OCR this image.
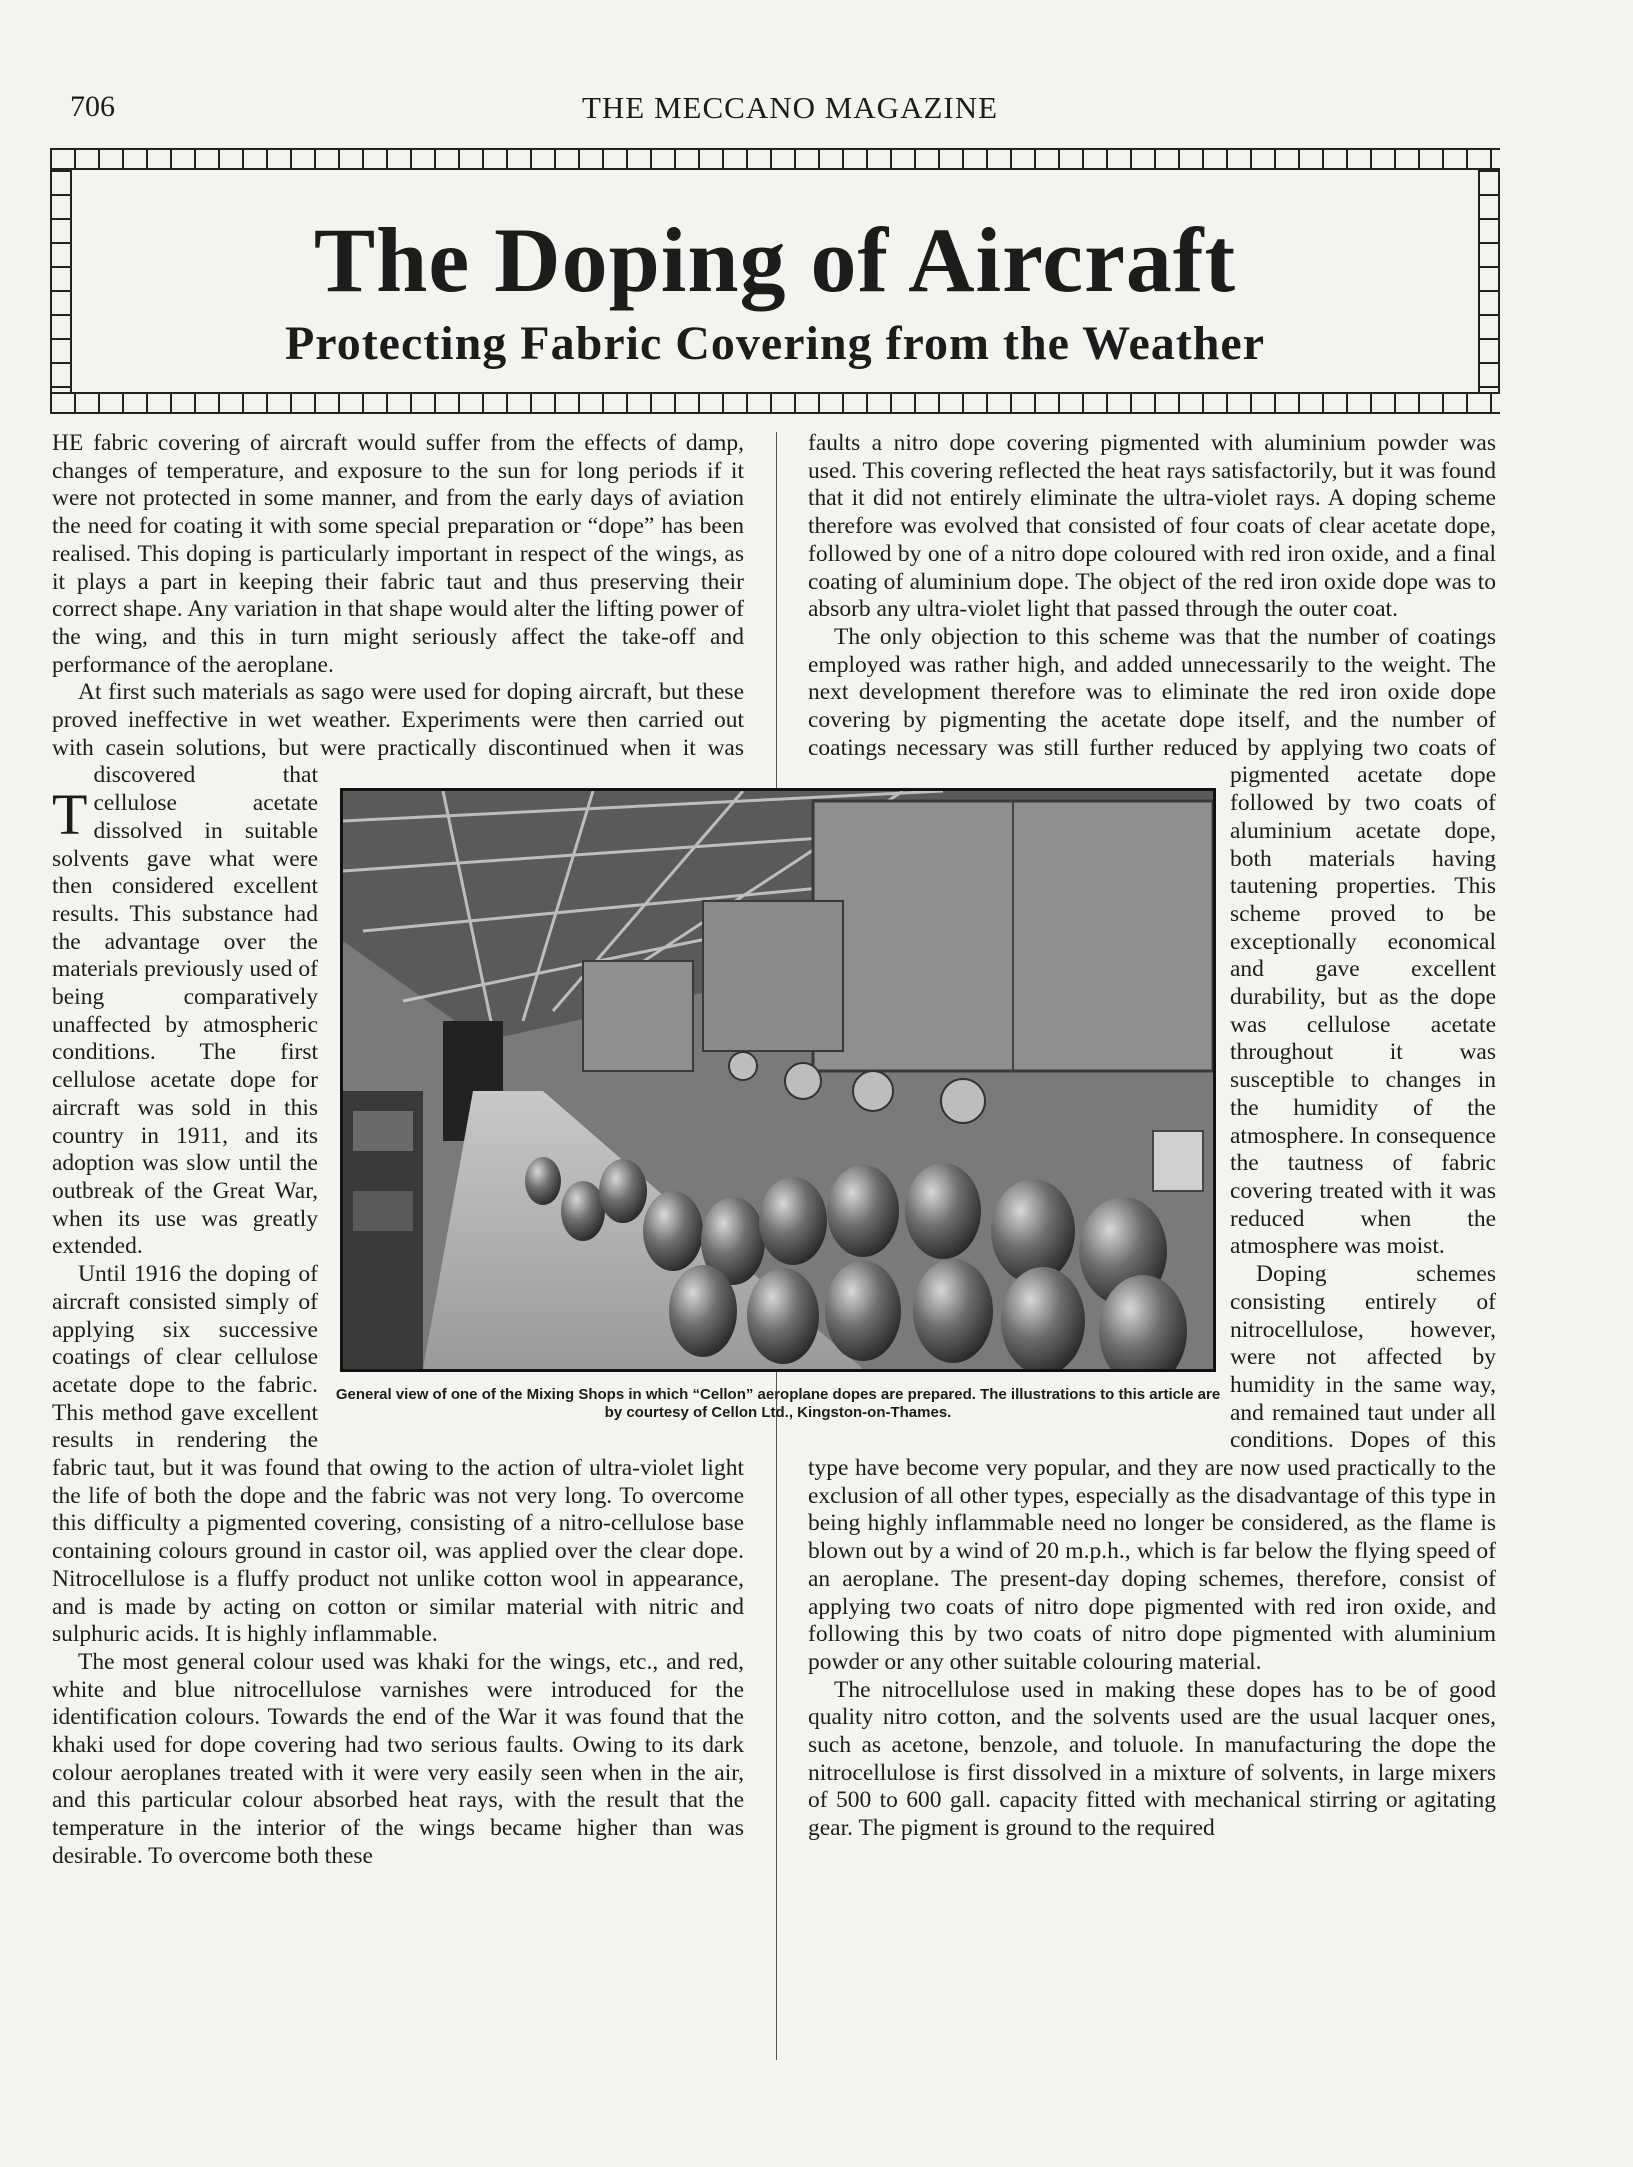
706	THE MECCANO MAGAZINE
The Doping of Aircraft
Protecting Fabric Covering from the Weather

T
HE fabric covering of aircraft would suffer from the effects of damp, changes of temperature, and exposure to the sun for long periods if it were not protected in some manner, and from the early days of aviation the need for coating it with some special preparation or “dope” has been realised. This doping is particularly important in respect of the wings, as it plays a part in keeping their fabric taut and thus preserving their correct shape. Any variation in that shape would alter the lifting power of the wing, and this in turn might seriously affect the take-off and performance of the aeroplane.

At first such materials as sago were used for doping aircraft, but these proved ineffective in wet weather. Experiments were then carried out with casein solutions, but were practically discontinued when it was discovered that cellulose acetate dissolved in suitable solvents gave what were then considered excellent results. This substance had the advantage over the materials previously used of being comparatively unaffected by atmospheric conditions. The first cellulose acetate dope for aircraft was sold in this country in 1911, and its adoption was slow until the outbreak of the Great War, when its use was greatly extended.

Until 1916 the doping of aircraft consisted simply of applying six successive coatings of clear cellulose acetate dope to the fabric. This method gave excellent results in rendering the fabric taut, but it was found that owing to the action of ultra-violet light the life of both the dope and the fabric was not very long. To overcome this difficulty a pigmented covering, consisting of a nitro-cellulose base containing colours ground in castor oil, was applied over the clear dope. Nitrocellulose is a fluffy product not unlike cotton wool in appearance, and is made by acting on cotton or similar material with nitric and sulphuric acids. It is highly inflammable.

The most general colour used was khaki for the wings, etc., and red, white and blue nitrocellulose varnishes were introduced for the identification colours. Towards the end of the War it was found that the khaki used for dope covering had two serious faults. Owing to its dark colour aeroplanes treated with it were very easily seen when in the air, and this particular colour absorbed heat rays, with the result that the temperature in the interior of the wings became higher than was desirable. To overcome both these

faults a nitro dope covering pigmented with aluminium powder was used. This covering reflected the heat rays satisfactorily, but it was found that it did not entirely eliminate the ultra-violet rays. A doping scheme therefore was evolved that consisted of four coats of clear acetate dope, followed by one of a nitro dope coloured with red iron oxide, and a final coating of aluminium dope. The object of the red iron oxide dope was to absorb any ultra-violet light that passed through the outer coat.

The only objection to this scheme was that the number of coatings employed was rather high, and added unnecessarily to the weight. The next development therefore was to eliminate the red iron oxide dope covering by pigmenting the acetate dope itself, and the number of coatings necessary was still further reduced by applying two coats of pigmented acetate dope followed by two coats of aluminium acetate dope, both materials having tautening properties. This scheme proved to be exceptionally economical and gave excellent durability, but as the dope was cellulose acetate throughout it was susceptible to changes in the humidity of the atmosphere. In consequence the tautness of fabric covering treated with it was reduced when the atmosphere was moist.

Doping schemes consisting entirely of nitrocellulose, however, were not affected by humidity in the same way, and remained taut under all conditions. Dopes of this type have become very popular, and they are now used practically to the exclusion of all other types, especially as the disadvantage of this type in being highly inflammable need no longer be considered, as the flame is blown out by a wind of 20 m.p.h., which is far below the flying speed of an aeroplane. The present-day doping schemes, therefore, consist of applying two coats of nitro dope pigmented with red iron oxide, and following this by two coats of nitro dope pigmented with aluminium powder or any other suitable colouring material.

The nitrocellulose used in making these dopes has to be of good quality nitro cotton, and the solvents used are the usual lacquer ones, such as acetone, benzole, and toluole. In manufacturing the dope the nitrocellulose is first dissolved in a mixture of solvents, in large mixers of 500 to 600 gall. capacity fitted with mechanical stirring or agitating gear. The pigment is ground to the required

General view of one of the Mixing Shops in which “Cellon” aeroplane dopes are prepared. The illustrations to this article are by courtesy of Cellon Ltd., Kingston-on-Thames.
